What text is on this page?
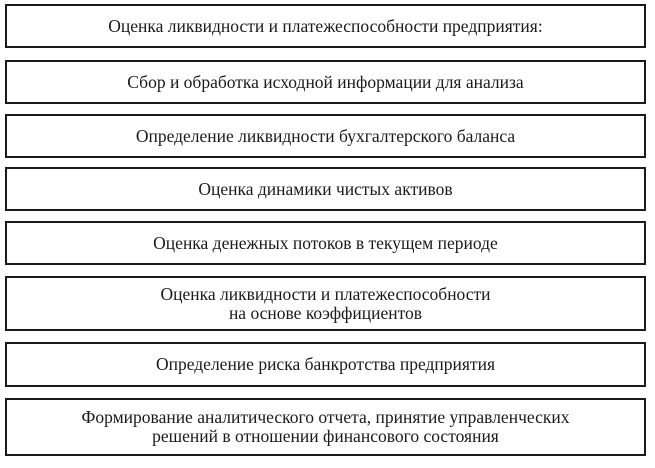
Оценка ликвидности и платежеспособности предприятия:
Сбор и обработка исходной информации для анализа
Определение ликвидности бухгалтерского баланса
Оценка динамики чистых активов
Оценка денежных потоков в текущем периоде
Оценка ликвидности и платежеспособности
на основе коэффициентов
Определение риска банкротства предприятия
Формирование аналитического отчета, принятие управленческих
решений в отношении финансового состояния
